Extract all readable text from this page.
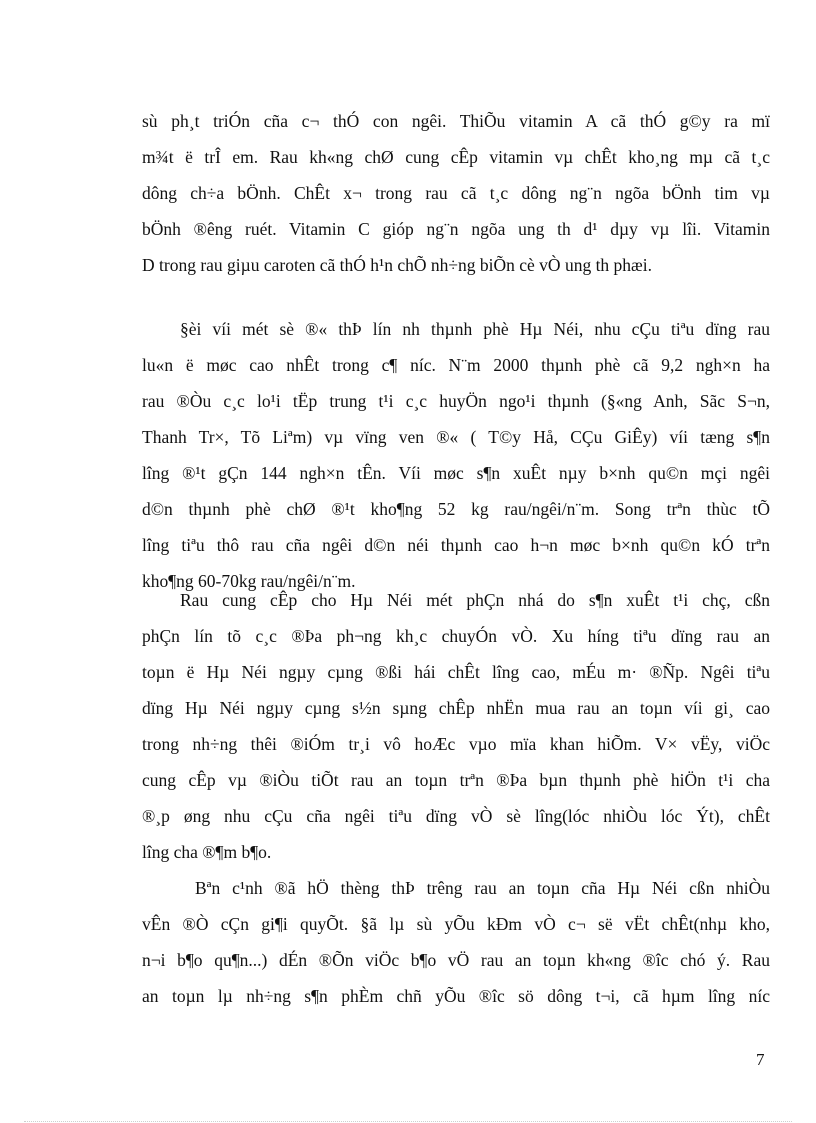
sù ph¸t triÓn cña c¬ thÓ con ngêi. ThiÕu vitamin A cã thÓ g©y ra mï
m¾t ë trÎ em. Rau kh«ng chØ cung cÊp vitamin vµ chÊt kho¸ng mµ cã t¸c
dông ch÷a bÖnh. ChÊt x¬ trong rau cã t¸c dông ng¨n ngõa bÖnh tim vµ
bÖnh ®êng ruét. Vitamin C gióp ng¨n ngõa ung th d¹ dµy vµ lîi. Vitamin
D trong rau giµu caroten cã thÓ h¹n chÕ nh÷ng biÕn cè vÒ ung th phæi.
§èi víi mét sè ®« thÞ lín nh thµnh phè Hµ Néi, nhu cÇu tiªu dïng rau
lu«n ë møc cao nhÊt trong c¶ níc. N¨m 2000 thµnh phè cã 9,2 ngh×n ha
rau ®Òu c¸c lo¹i tËp trung t¹i c¸c huyÖn ngo¹i thµnh (§«ng Anh, Sãc S¬n,
Thanh Tr×, Tõ Liªm) vµ vïng ven ®« ( T©y Hå, CÇu GiÊy) víi tæng s¶n
lîng ®¹t gÇn 144 ngh×n tÊn. Víi møc s¶n xuÊt nµy b×nh qu©n mçi ngêi
d©n thµnh phè chØ ®¹t kho¶ng 52 kg rau/ngêi/n¨m. Song trªn thùc tÕ
lîng tiªu thô rau cña ngêi d©n néi thµnh cao h¬n møc b×nh qu©n kÓ trªn
kho¶ng 60-70kg rau/ngêi/n¨m.
Rau cung cÊp cho Hµ Néi mét phÇn nhá do s¶n xuÊt t¹i chç, cßn
phÇn lín tõ c¸c ®Þa ph¬ng kh¸c chuyÓn vÒ. Xu híng tiªu dïng rau an
toµn ë Hµ Néi ngµy cµng ®ßi hái chÊt lîng cao, mÉu m· ®Ñp. Ngêi tiªu
dïng Hµ Néi ngµy cµng s½n sµng chÊp nhËn mua rau an toµn víi gi¸ cao
trong nh÷ng thêi ®iÓm tr¸i vô hoÆc vµo mïa khan hiÕm. V× vËy, viÖc
cung cÊp vµ ®iÒu tiÕt rau an toµn trªn ®Þa bµn thµnh phè hiÖn t¹i cha
®¸p øng nhu cÇu cña ngêi tiªu dïng vÒ sè lîng(lóc nhiÒu lóc Ýt), chÊt
lîng cha ®¶m b¶o.
Bªn c¹nh ®ã hÖ thèng thÞ trêng rau an toµn cña Hµ Néi cßn nhiÒu
vÊn ®Ò cÇn gi¶i quyÕt. §ã lµ sù yÕu kÐm vÒ c¬ së vËt chÊt(nhµ kho,
n¬i b¶o qu¶n...) dÉn ®Õn viÖc b¶o vÖ rau an toµn kh«ng ®îc chó ý. Rau
an toµn lµ nh÷ng s¶n phÈm chñ yÕu ®îc sö dông t¬i, cã hµm lîng níc
7
